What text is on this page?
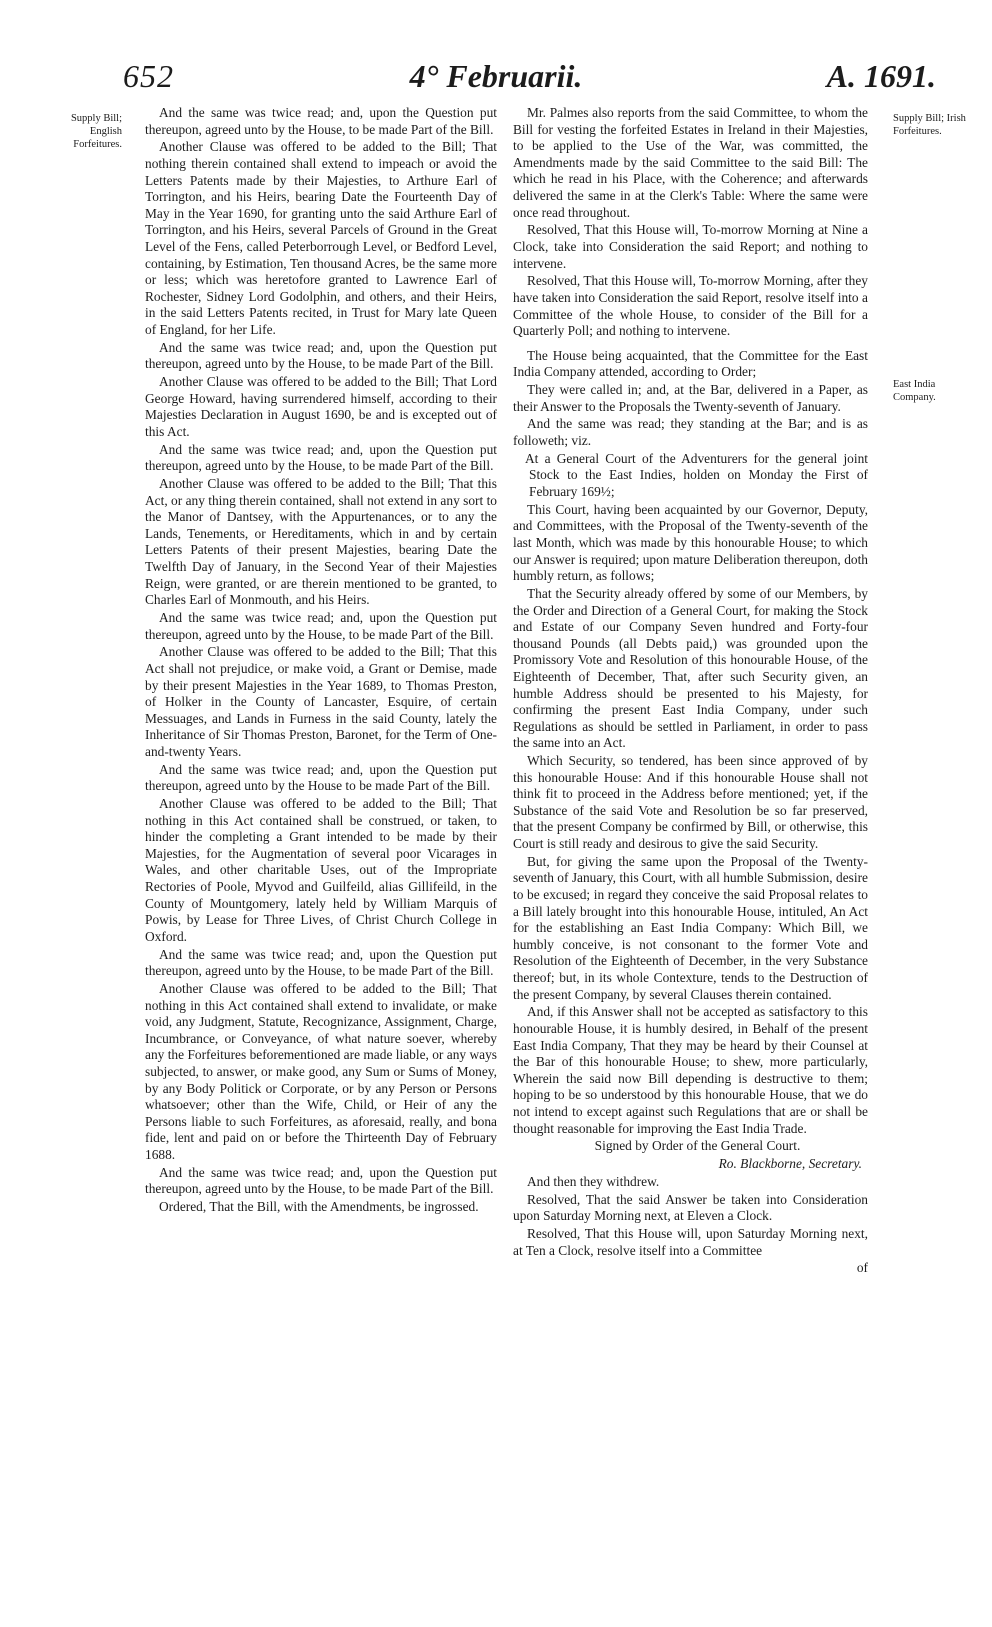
652	4° Februarii.	A. 1691.
Supply Bill; English Forfeitures.
Supply Bill; Irish Forfeitures.
East India Company.

And the same was twice read; and, upon the Question put thereupon, agreed unto by the House, to be made Part of the Bill.

Another Clause was offered to be added to the Bill; That nothing therein contained shall extend to impeach or avoid the Letters Patents made by their Majesties, to Arthure Earl of Torrington, and his Heirs, bearing Date the Fourteenth Day of May in the Year 1690, for granting unto the said Arthure Earl of Torrington, and his Heirs, several Parcels of Ground in the Great Level of the Fens, called Peterborrough Level, or Bedford Level, containing, by Estimation, Ten thousand Acres, be the same more or less; which was heretofore granted to Lawrence Earl of Rochester, Sidney Lord Godolphin, and others, and their Heirs, in the said Letters Patents recited, in Trust for Mary late Queen of England, for her Life.

And the same was twice read; and, upon the Question put thereupon, agreed unto by the House, to be made Part of the Bill.

Another Clause was offered to be added to the Bill; That Lord George Howard, having surrendered himself, according to their Majesties Declaration in August 1690, be and is excepted out of this Act.

And the same was twice read; and, upon the Question put thereupon, agreed unto by the House, to be made Part of the Bill.

Another Clause was offered to be added to the Bill; That this Act, or any thing therein contained, shall not extend in any sort to the Manor of Dantsey, with the Appurtenances, or to any the Lands, Tenements, or Hereditaments, which in and by certain Letters Patents of their present Majesties, bearing Date the Twelfth Day of January, in the Second Year of their Majesties Reign, were granted, or are therein mentioned to be granted, to Charles Earl of Monmouth, and his Heirs.

And the same was twice read; and, upon the Question put thereupon, agreed unto by the House, to be made Part of the Bill.

Another Clause was offered to be added to the Bill; That this Act shall not prejudice, or make void, a Grant or Demise, made by their present Majesties in the Year 1689, to Thomas Preston, of Holker in the County of Lancaster, Esquire, of certain Messuages, and Lands in Furness in the said County, lately the Inheritance of Sir Thomas Preston, Baronet, for the Term of One-and-twenty Years.

And the same was twice read; and, upon the Question put thereupon, agreed unto by the House to be made Part of the Bill.

Another Clause was offered to be added to the Bill; That nothing in this Act contained shall be construed, or taken, to hinder the completing a Grant intended to be made by their Majesties, for the Augmentation of several poor Vicarages in Wales, and other charitable Uses, out of the Impropriate Rectories of Poole, Myvod and Guilfeild, alias Gillifeild, in the County of Mountgomery, lately held by William Marquis of Powis, by Lease for Three Lives, of Christ Church College in Oxford.

And the same was twice read; and, upon the Question put thereupon, agreed unto by the House, to be made Part of the Bill.

Another Clause was offered to be added to the Bill; That nothing in this Act contained shall extend to invalidate, or make void, any Judgment, Statute, Recognizance, Assignment, Charge, Incumbrance, or Conveyance, of what nature soever, whereby any the Forfeitures beforementioned are made liable, or any ways subjected, to answer, or make good, any Sum or Sums of Money, by any Body Politick or Corporate, or by any Person or Persons whatsoever; other than the Wife, Child, or Heir of any the Persons liable to such Forfeitures, as aforesaid, really, and bona fide, lent and paid on or before the Thirteenth Day of February 1688.

And the same was twice read; and, upon the Question put thereupon, agreed unto by the House, to be made Part of the Bill.

Ordered, That the Bill, with the Amendments, be ingrossed.

Mr. Palmes also reports from the said Committee, to whom the Bill for vesting the forfeited Estates in Ireland in their Majesties, to be applied to the Use of the War, was committed, the Amendments made by the said Committee to the said Bill: The which he read in his Place, with the Coherence; and afterwards delivered the same in at the Clerk's Table: Where the same were once read throughout.

Resolved, That this House will, To-morrow Morning at Nine a Clock, take into Consideration the said Report; and nothing to intervene.

Resolved, That this House will, To-morrow Morning, after they have taken into Consideration the said Report, resolve itself into a Committee of the whole House, to consider of the Bill for a Quarterly Poll; and nothing to intervene.

The House being acquainted, that the Committee for the East India Company attended, according to Order;

They were called in; and, at the Bar, delivered in a Paper, as their Answer to the Proposals the Twenty-seventh of January.

And the same was read; they standing at the Bar; and is as followeth; viz.

At a General Court of the Adventurers for the general joint Stock to the East Indies, holden on Monday the First of February 169½;

This Court, having been acquainted by our Governor, Deputy, and Committees, with the Proposal of the Twenty-seventh of the last Month, which was made by this honourable House; to which our Answer is required; upon mature Deliberation thereupon, doth humbly return, as follows;

That the Security already offered by some of our Members, by the Order and Direction of a General Court, for making the Stock and Estate of our Company Seven hundred and Forty-four thousand Pounds (all Debts paid,) was grounded upon the Promissory Vote and Resolution of this honourable House, of the Eighteenth of December, That, after such Security given, an humble Address should be presented to his Majesty, for confirming the present East India Company, under such Regulations as should be settled in Parliament, in order to pass the same into an Act.

Which Security, so tendered, has been since approved of by this honourable House: And if this honourable House shall not think fit to proceed in the Address before mentioned; yet, if the Substance of the said Vote and Resolution be so far preserved, that the present Company be confirmed by Bill, or otherwise, this Court is still ready and desirous to give the said Security.

But, for giving the same upon the Proposal of the Twenty-seventh of January, this Court, with all humble Submission, desire to be excused; in regard they conceive the said Proposal relates to a Bill lately brought into this honourable House, intituled, An Act for the establishing an East India Company: Which Bill, we humbly conceive, is not consonant to the former Vote and Resolution of the Eighteenth of December, in the very Substance thereof; but, in its whole Contexture, tends to the Destruction of the present Company, by several Clauses therein contained.

And, if this Answer shall not be accepted as satisfactory to this honourable House, it is humbly desired, in Behalf of the present East India Company, That they may be heard by their Counsel at the Bar of this honourable House; to shew, more particularly, Wherein the said now Bill depending is destructive to them; hoping to be so understood by this honourable House, that we do not intend to except against such Regulations that are or shall be thought reasonable for improving the East India Trade.

Signed by Order of the General Court.

Ro. Blackborne, Secretary.

And then they withdrew.

Resolved, That the said Answer be taken into Consideration upon Saturday Morning next, at Eleven a Clock.

Resolved, That this House will, upon Saturday Morning next, at Ten a Clock, resolve itself into a Committee

of
